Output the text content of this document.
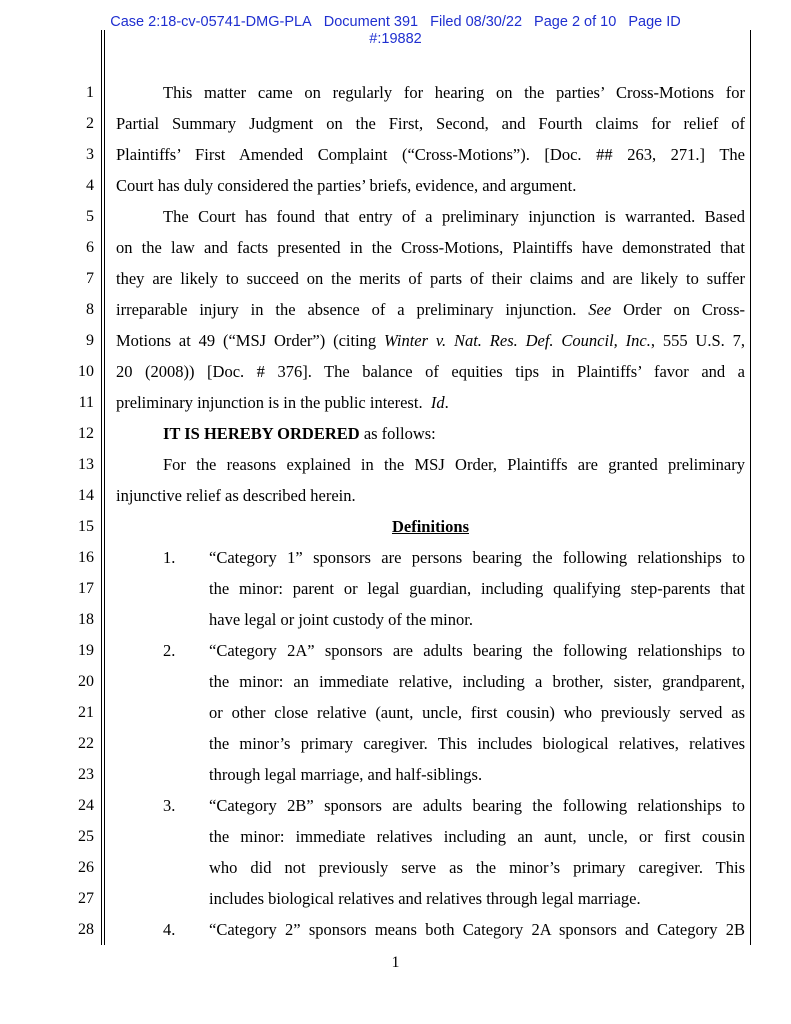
Case 2:18-cv-05741-DMG-PLA Document 391 Filed 08/30/22 Page 2 of 10 Page ID
#:19882
1
2
3
4
5
6
7
8
9
10
11
12
13
14
15
16
17
18
19
20
21
22
23
24
25
26
27
28
This matter came on regularly for hearing on the parties’ Cross-Motions for
Partial Summary Judgment on the First, Second, and Fourth claims for relief of
Plaintiffs’ First Amended Complaint (“Cross-Motions”). [Doc. ## 263, 271.] The
Court has duly considered the parties’ briefs, evidence, and argument.
The Court has found that entry of a preliminary injunction is warranted. Based
on the law and facts presented in the Cross-Motions, Plaintiffs have demonstrated that
they are likely to succeed on the merits of parts of their claims and are likely to suffer
irreparable injury in the absence of a preliminary injunction. See Order on Cross-
Motions at 49 (“MSJ Order”) (citing Winter v. Nat. Res. Def. Council, Inc., 555 U.S. 7,
20 (2008)) [Doc. # 376]. The balance of equities tips in Plaintiffs’ favor and a
preliminary injunction is in the public interest. Id.
IT IS HEREBY ORDERED as follows:
For the reasons explained in the MSJ Order, Plaintiffs are granted preliminary
injunctive relief as described herein.
Definitions
1. “Category 1” sponsors are persons bearing the following relationships to
the minor: parent or legal guardian, including qualifying step-parents that
have legal or joint custody of the minor.
2. “Category 2A” sponsors are adults bearing the following relationships to
the minor: an immediate relative, including a brother, sister, grandparent,
or other close relative (aunt, uncle, first cousin) who previously served as
the minor’s primary caregiver. This includes biological relatives, relatives
through legal marriage, and half-siblings.
3. “Category 2B” sponsors are adults bearing the following relationships to
the minor: immediate relatives including an aunt, uncle, or first cousin
who did not previously serve as the minor’s primary caregiver. This
includes biological relatives and relatives through legal marriage.
4. “Category 2” sponsors means both Category 2A sponsors and Category 2B
1
